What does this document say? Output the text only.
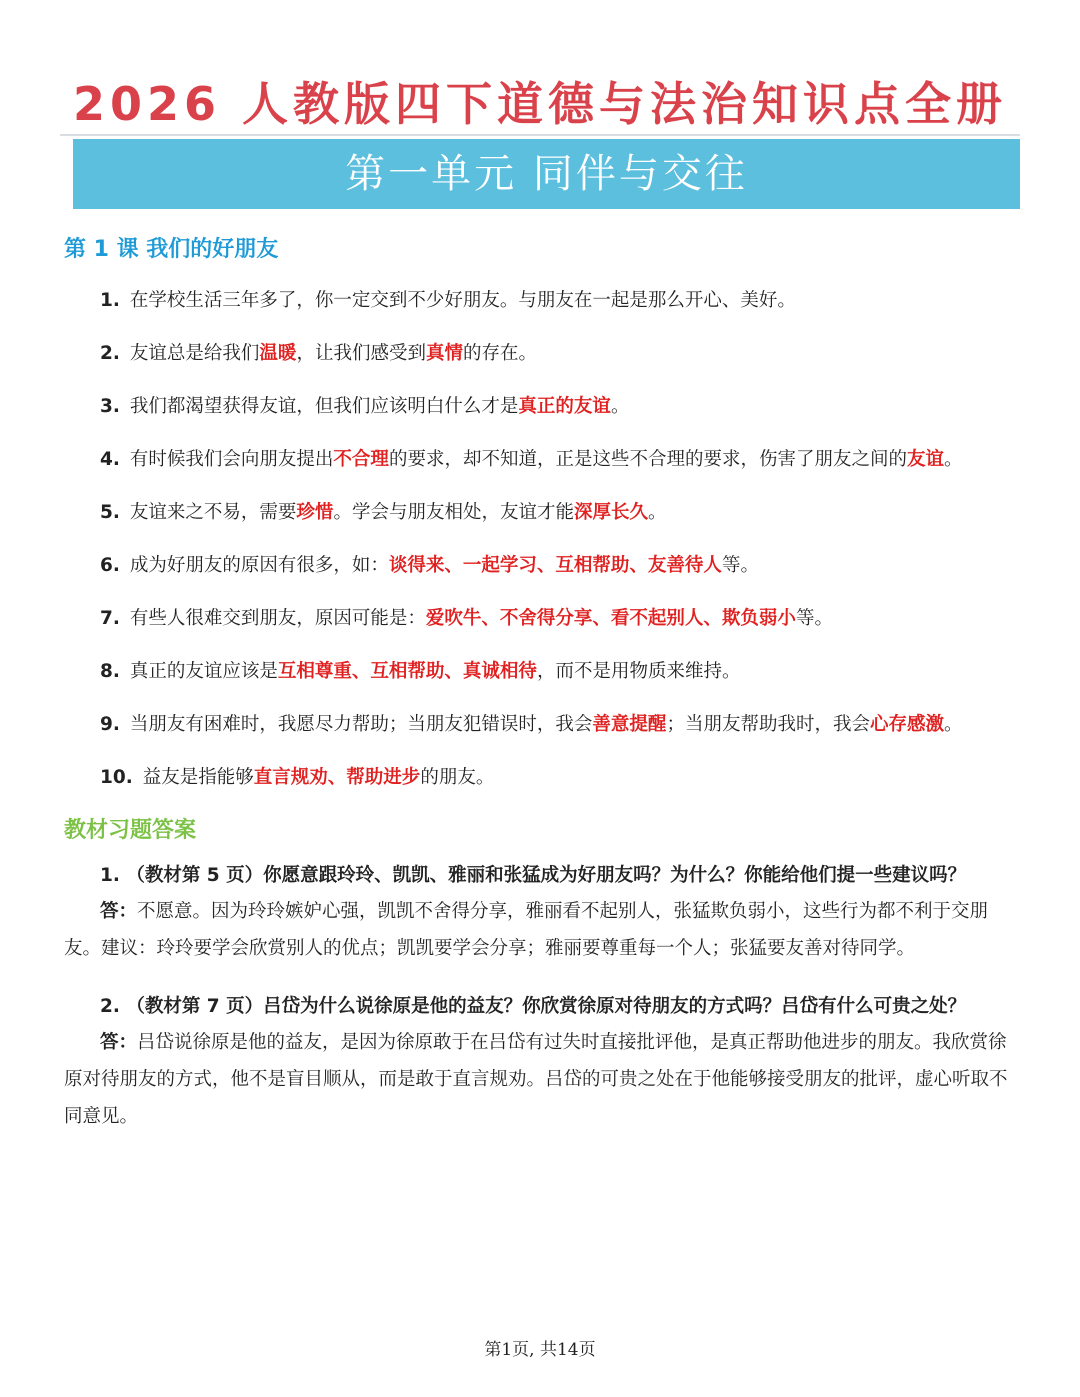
2026 人教版四下道德与法治知识点全册
第一单元 同伴与交往
第 1 课 我们的好朋友

1. 在学校生活三年多了，你一定交到不少好朋友。与朋友在一起是那么开心、美好。

2. 友谊总是给我们温暖，让我们感受到真情的存在。

3. 我们都渴望获得友谊，但我们应该明白什么才是真正的友谊。

4. 有时候我们会向朋友提出不合理的要求，却不知道，正是这些不合理的要求，伤害了朋友之间的友谊。

5. 友谊来之不易，需要珍惜。学会与朋友相处，友谊才能深厚长久。

6. 成为好朋友的原因有很多，如：谈得来、一起学习、互相帮助、友善待人等。

7. 有些人很难交到朋友，原因可能是：爱吹牛、不舍得分享、看不起别人、欺负弱小等。

8. 真正的友谊应该是互相尊重、互相帮助、真诚相待，而不是用物质来维持。

9. 当朋友有困难时，我愿尽力帮助；当朋友犯错误时，我会善意提醒；当朋友帮助我时，我会心存感激。

10. 益友是指能够直言规劝、帮助进步的朋友。

教材习题答案

1. （教材第 5 页）你愿意跟玲玲、凯凯、雅丽和张猛成为好朋友吗？为什么？你能给他们提一些建议吗？

答：不愿意。因为玲玲嫉妒心强，凯凯不舍得分享，雅丽看不起别人，张猛欺负弱小，这些行为都不利于交朋友。建议：玲玲要学会欣赏别人的优点；凯凯要学会分享；雅丽要尊重每一个人；张猛要友善对待同学。

2. （教材第 7 页）吕岱为什么说徐原是他的益友？你欣赏徐原对待朋友的方式吗？吕岱有什么可贵之处？

答：吕岱说徐原是他的益友，是因为徐原敢于在吕岱有过失时直接批评他，是真正帮助他进步的朋友。我欣赏徐原对待朋友的方式，他不是盲目顺从，而是敢于直言规劝。吕岱的可贵之处在于他能够接受朋友的批评，虚心听取不同意见。

第1页, 共14页
